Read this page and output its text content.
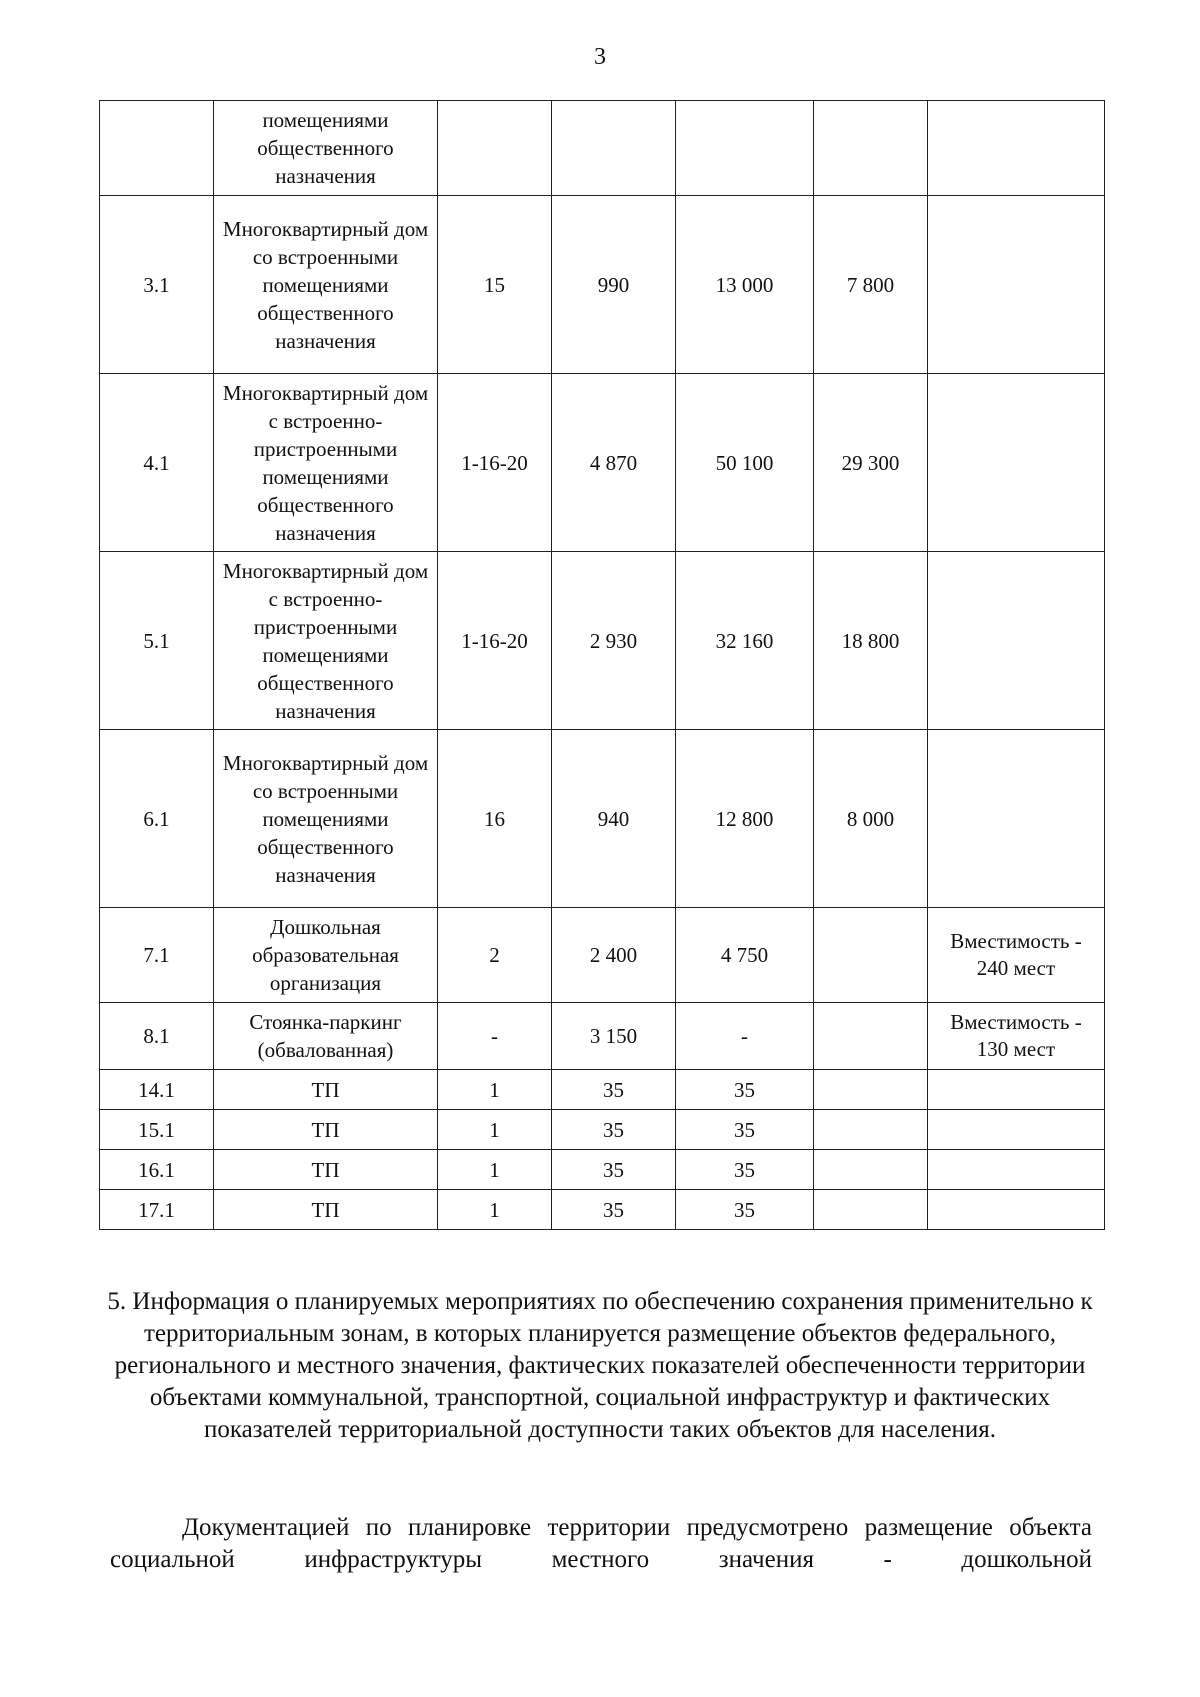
3
	помещениями общественного назначения					
3.1	Многоквартирный дом со встроенными помещениями общественного назначения	15	990	13 000	7 800	
4.1	Многоквартирный дом с встроенно-пристроенными помещениями общественного назначения	1-16-20	4 870	50 100	29 300	
5.1	Многоквартирный дом с встроенно-пристроенными помещениями общественного назначения	1-16-20	2 930	32 160	18 800	
6.1	Многоквартирный дом со встроенными помещениями общественного назначения	16	940	12 800	8 000	
7.1	Дошкольная образовательная организация	2	2 400	4 750		Вместимость - 240 мест
8.1	Стоянка-паркинг (обвалованная)	-	3 150	-		Вместимость - 130 мест
14.1	ТП	1	35	35		
15.1	ТП	1	35	35		
16.1	ТП	1	35	35		
17.1	ТП	1	35	35		
5. Информация о планируемых мероприятиях по обеспечению сохранения применительно к территориальным зонам, в которых планируется размещение объектов федерального, регионального и местного значения, фактических показателей обеспеченности территории объектами коммунальной, транспортной, социальной инфраструктур и фактических показателей территориальной доступности таких объектов для населения.
Документацией по планировке территории предусмотрено размещение объекта социальной инфраструктуры местного значения - дошкольной
